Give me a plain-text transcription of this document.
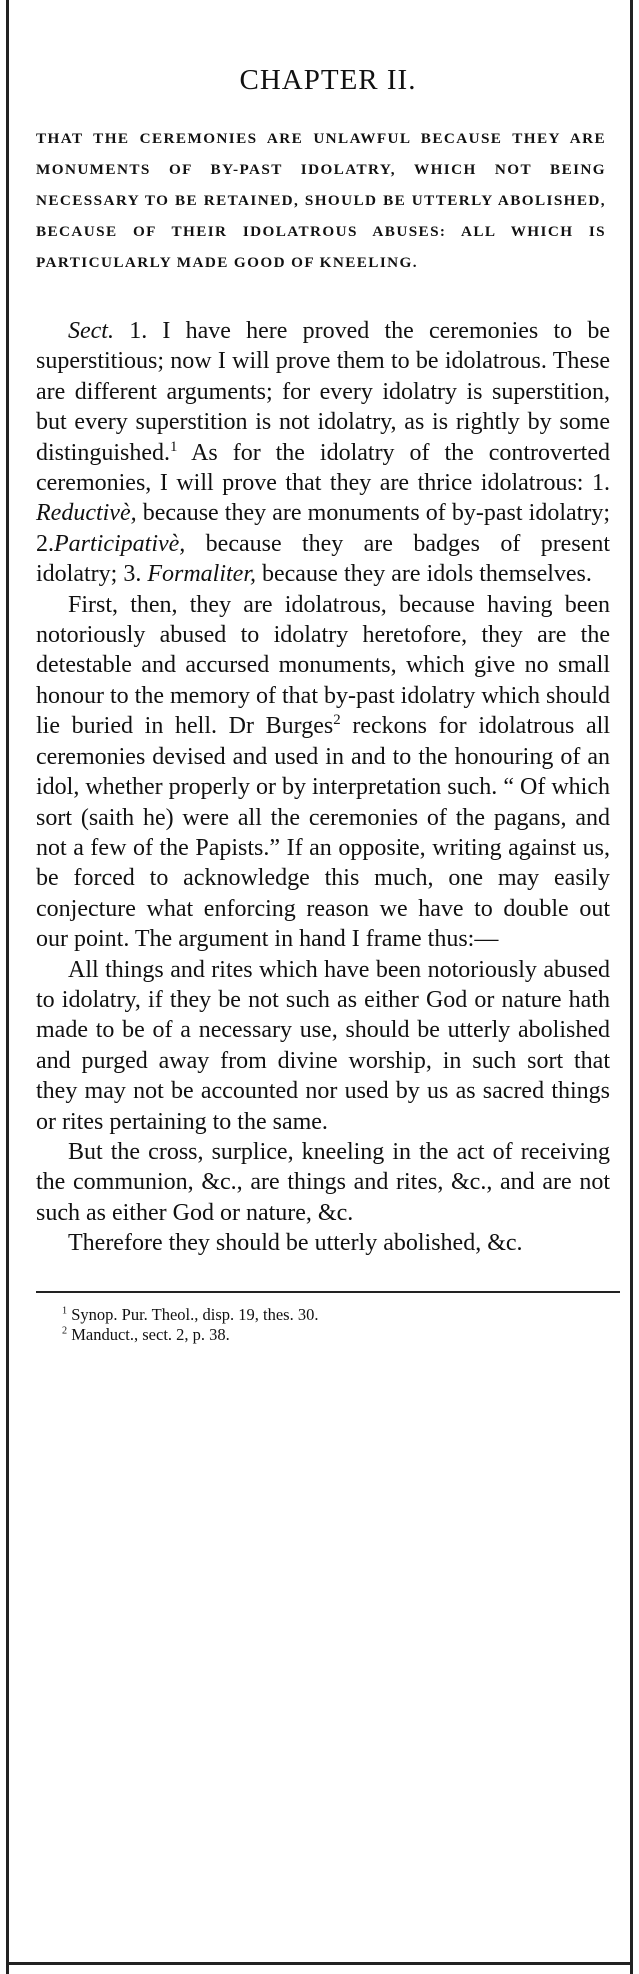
CHAPTER II.

THAT THE CEREMONIES ARE UNLAWFUL BECAUSE THEY ARE MONUMENTS OF BY-PAST IDOLATRY, WHICH NOT BEING NECESSARY TO BE RETAINED, SHOULD BE UTTERLY ABOLISHED, BECAUSE OF THEIR IDOLATROUS ABUSES: ALL WHICH IS PARTICULARLY MADE GOOD OF KNEELING.

Sect. 1. I have here proved the ceremonies to be superstitious; now I will prove them to be idolatrous. These are different arguments; for every idolatry is superstition, but every superstition is not idolatry, as is rightly by some distinguished.$^1$ As for the idolatry of the controverted ceremonies, I will prove that they are thrice idolatrous: 1. Reductivè, because they are monuments of by-past idolatry; 2.Participativè, because they are badges of present idolatry; 3. Formaliter, because they are idols themselves.

First, then, they are idolatrous, because having been notoriously abused to idolatry heretofore, they are the detestable and accursed monuments, which give no small honour to the memory of that by-past idolatry which should lie buried in hell. Dr Burges$^2$ reckons for idolatrous all ceremonies devised and used in and to the honouring of an idol, whether properly or by interpretation such. “ Of which sort (saith he) were all the ceremonies of the pagans, and not a few of the Papists.” If an opposite, writing against us, be forced to acknowledge this much, one may easily conjecture what enforcing reason we have to double out our point. The argument in hand I frame thus:—

All things and rites which have been notoriously abused to idolatry, if they be not such as either God or nature hath made to be of a necessary use, should be utterly abolished and purged away from divine worship, in such sort that they may not be accounted nor used by us as sacred things or rites pertaining to the same.

But the cross, surplice, kneeling in the act of receiving the communion, &c., are things and rites, &c., and are not such as either God or nature, &c.

Therefore they should be utterly abolished, &c.

$^1$ Synop. Pur. Theol., disp. 19, thes. 30.

$^2$ Manduct., sect. 2, p. 38.
